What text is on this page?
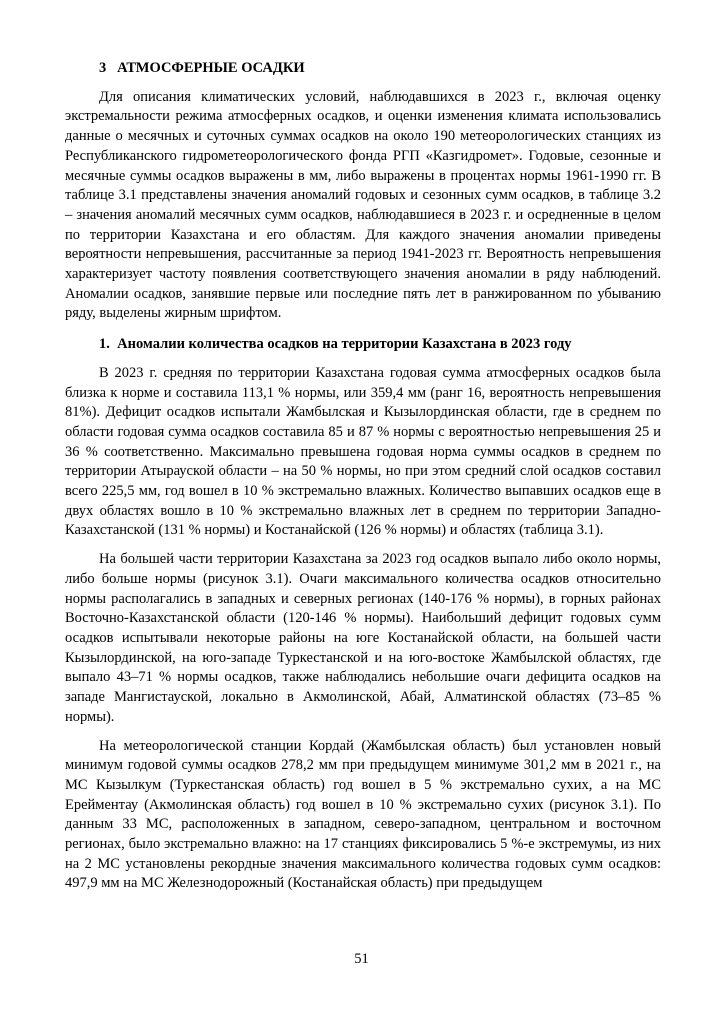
3   АТМОСФЕРНЫЕ ОСАДКИ

Для описания климатических условий, наблюдавшихся в 2023 г., включая оценку экстремальности режима атмосферных осадков, и оценки изменения климата использовались данные о месячных и суточных суммах осадков на около 190 метеорологических станциях из Республиканского гидрометеорологического фонда РГП «Казгидромет». Годовые, сезонные и месячные суммы осадков выражены в мм, либо выражены в процентах нормы 1961-1990 гг. В таблице 3.1 представлены значения аномалий годовых и сезонных сумм осадков, в таблице 3.2 – значения аномалий месячных сумм осадков, наблюдавшиеся в 2023 г. и осредненные в целом по территории Казахстана и его областям. Для каждого значения аномалии приведены вероятности непревышения, рассчитанные за период 1941-2023 гг. Вероятность непревышения характеризует частоту появления соответствующего значения аномалии в ряду наблюдений. Аномалии осадков, занявшие первые или последние пять лет в ранжированном по убыванию ряду, выделены жирным шрифтом.

1.  Аномалии количества осадков на территории Казахстана в 2023 году

В 2023 г. средняя по территории Казахстана годовая сумма атмосферных осадков была близка к норме и составила 113,1 % нормы, или 359,4 мм (ранг 16, вероятность непревышения 81%). Дефицит осадков испытали Жамбылская и Кызылординская области, где в среднем по области годовая сумма осадков составила 85 и 87 % нормы с вероятностью непревышения 25 и 36 % соответственно. Максимально превышена годовая норма суммы осадков в среднем по территории Атырауской области – на 50 % нормы, но при этом средний слой осадков составил всего 225,5 мм, год вошел в 10 % экстремально влажных. Количество выпавших осадков еще в двух областях вошло в 10 % экстремально влажных лет в среднем по территории Западно-Казахстанской (131 % нормы) и Костанайской (126 % нормы) и областях (таблица 3.1).

На большей части территории Казахстана за 2023 год осадков выпало либо около нормы, либо больше нормы (рисунок 3.1). Очаги максимального количества осадков относительно нормы располагались в западных и северных регионах (140-176 % нормы), в горных районах Восточно-Казахстанской области (120-146 % нормы). Наибольший дефицит годовых сумм осадков испытывали некоторые районы на юге Костанайской области, на большей части Кызылординской, на юго-западе Туркестанской и на юго-востоке Жамбылской областях, где выпало 43–71 % нормы осадков, также наблюдались небольшие очаги дефицита осадков на западе Мангистауской, локально в Акмолинской, Абай, Алматинской областях (73–85 % нормы).

На метеорологической станции Кордай (Жамбылская область) был установлен новый минимум годовой суммы осадков 278,2 мм при предыдущем минимуме 301,2 мм в 2021 г., на МС Кызылкум (Туркестанская область) год вошел в 5 % экстремально сухих, а на МС Ерейментау (Акмолинская область) год вошел в 10 % экстремально сухих (рисунок 3.1). По данным 33 МС, расположенных в западном, северо-западном, центральном и восточном регионах, было экстремально влажно: на 17 станциях фиксировались 5 %-е экстремумы, из них на 2 МС установлены рекордные значения максимального количества годовых сумм осадков: 497,9 мм на МС Железнодорожный (Костанайская область) при предыдущем

51
